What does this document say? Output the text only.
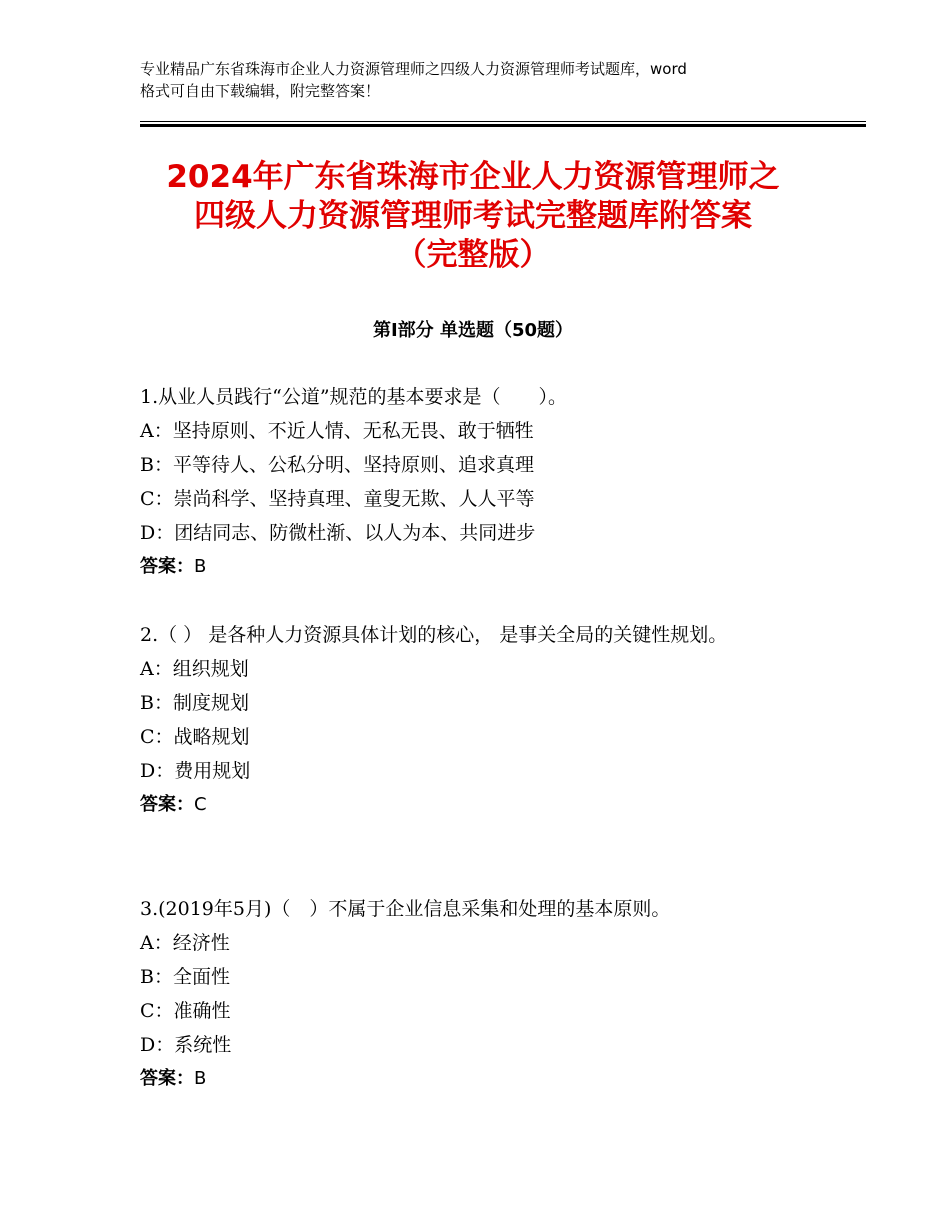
专业精品广东省珠海市企业人力资源管理师之四级人力资源管理师考试题库，word
格式可自由下载编辑，附完整答案！
2024年广东省珠海市企业人力资源管理师之
四级人力资源管理师考试完整题库附答案
（完整版）
第Ⅰ部分 单选题（50题）

1.从业人员践行“公道”规范的基本要求是（　　）。

A：坚持原则、不近人情、无私无畏、敢于牺牲

B：平等待人、公私分明、坚持原则、追求真理

C：崇尚科学、坚持真理、童叟无欺、人人平等

D：团结同志、防微杜渐、以人为本、共同进步

答案：B

2.（ ） 是各种人力资源具体计划的核心， 是事关全局的关键性规划。

A：组织规划

B：制度规划

C：战略规划

D：费用规划

答案：C

3.(2019年5月)（　）不属于企业信息采集和处理的基本原则。

A：经济性

B：全面性

C：准确性

D：系统性

答案：B
